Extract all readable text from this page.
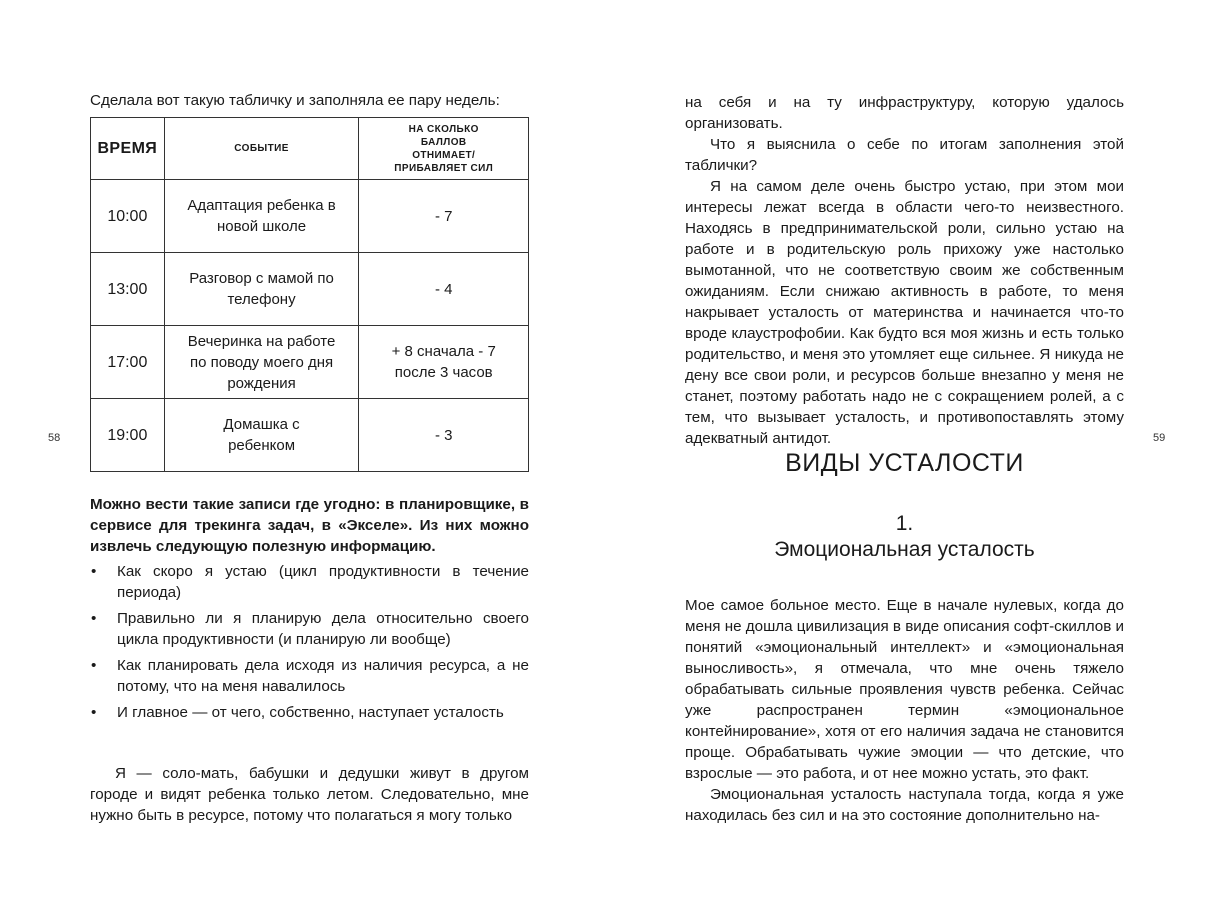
58
Сделала вот такую табличку и заполняла ее пару недель:
ВРЕМЯ	СОБЫТИЕ	НА СКОЛЬКО БАЛЛОВ ОТНИМАЕТ/ ПРИБАВЛЯЕТ СИЛ

10:00	Адаптация ребенка в новой школе	- 7
13:00	Разговор с мамой по телефону	- 4
17:00	Вечеринка на работе по поводу моего дня рождения	+ 8 сначала - 7 после 3 часов

19:00	Домашка с ребенком	- 3

Можно вести такие записи где угодно: в планировщике, в сервисе для трекинга задач, в «Экселе». Из них можно извлечь следующую полезную информацию.

• Как скоро я устаю (цикл продуктивности в течение периода)
• Правильно ли я планирую дела относительно своего цикла продуктивности (и планирую ли вообще)
• Как планировать дела исходя из наличия ресурса, а не потому, что на меня навалилось
• И главное — от чего, собственно, наступает усталость

Я — соло-мать, бабушки и дедушки живут в другом городе и видят ребенка только летом. Следовательно, мне нужно быть в ресурсе, потому что полагаться я могу только

59

на себя и на ту инфраструктуру, которую удалось организовать.

Что я выяснила о себе по итогам заполнения этой таблички?

Я на самом деле очень быстро устаю, при этом мои интересы лежат всегда в области чего-то неизвестного. Находясь в предпринимательской роли, сильно устаю на работе и в родительскую роль прихожу уже настолько вымотанной, что не соответствую своим же собственным ожиданиям. Если снижаю активность в работе, то меня накрывает усталость от материнства и начинается что-то вроде клаустрофобии. Как будто вся моя жизнь и есть только родительство, и меня это утомляет еще сильнее. Я никуда не дену все свои роли, и ресурсов больше внезапно у меня не станет, поэтому работать надо не с сокращением ролей, а с тем, что вызывает усталость, и противопоставлять этому адекватный антидот.

ВИДЫ УСТАЛОСТИ
1.
Эмоциональная усталость

Мое самое больное место. Еще в начале нулевых, когда до меня не дошла цивилизация в виде описания софт-скиллов и понятий «эмоциональный интеллект» и «эмоциональная выносливость», я отмечала, что мне очень тяжело обрабатывать сильные проявления чувств ребенка. Сейчас уже распространен термин «эмоциональное контейнирование», хотя от его наличия задача не становится проще. Обрабатывать чужие эмоции — что детские, что взрослые — это работа, и от нее можно устать, это факт.

Эмоциональная усталость наступала тогда, когда я уже находилась без сил и на это состояние дополнительно на-
